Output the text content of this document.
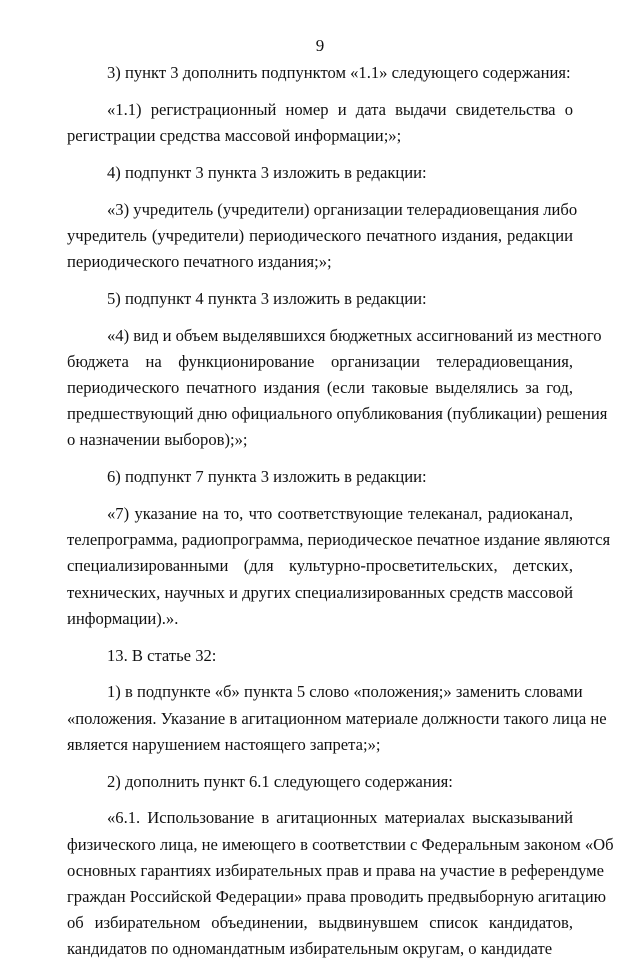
9

3) пункт 3 дополнить подпунктом «1.1» следующего содержания:

«1.1) регистрационный номер и дата выдачи свидетельства о
регистрации средства массовой информации;»;

4) подпункт 3 пункта 3 изложить в редакции:

«3) учредитель (учредители) организации телерадиовещания либо
учредитель (учредители) периодического печатного издания, редакции
периодического печатного издания;»;

5) подпункт 4 пункта 3 изложить в редакции:

«4) вид и объем выделявшихся бюджетных ассигнований из местного
бюджета на функционирование организации телерадиовещания,
периодического печатного издания (если таковые выделялись за год,
предшествующий дню официального опубликования (публикации) решения
о назначении выборов);»;

6) подпункт 7 пункта 3 изложить в редакции:

«7) указание на то, что соответствующие телеканал, радиоканал,
телепрограмма, радиопрограмма, периодическое печатное издание являются
специализированными (для культурно-просветительских, детских,
технических, научных и других специализированных средств массовой
информации).».

13. В статье 32:

1) в подпункте «б» пункта 5 слово «положения;» заменить словами
«положения. Указание в агитационном материале должности такого лица не
является нарушением настоящего запрета;»;

2) дополнить пункт 6.1 следующего содержания:

«6.1. Использование в агитационных материалах высказываний
физического лица, не имеющего в соответствии с Федеральным законом «Об
основных гарантиях избирательных прав и права на участие в референдуме
граждан Российской Федерации» права проводить предвыборную агитацию
об избирательном объединении, выдвинувшем список кандидатов,
кандидатов по одномандатным избирательным округам, о кандидате
